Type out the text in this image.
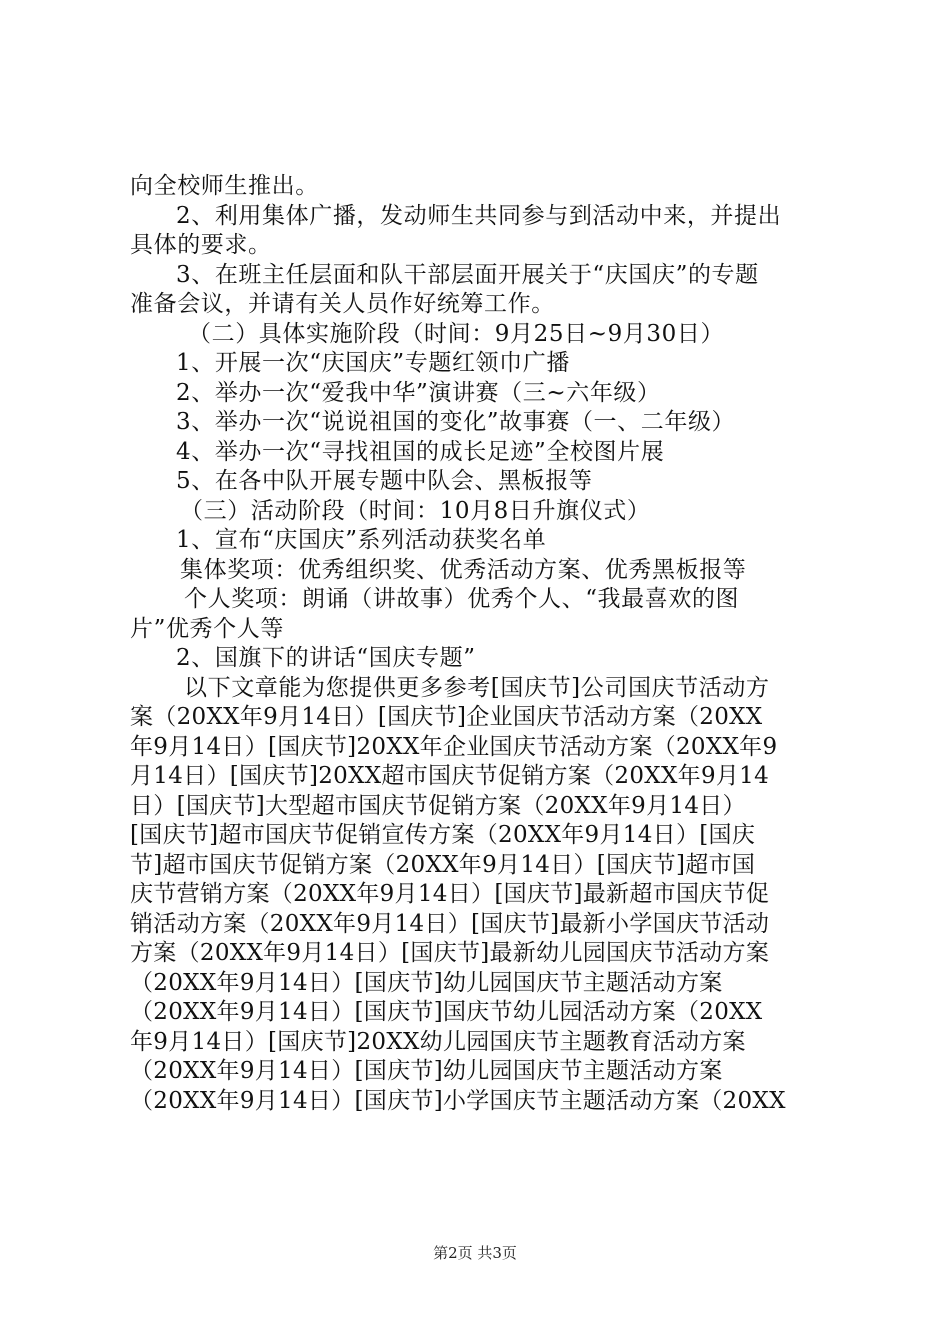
向全校师生推出。
2、利用集体广播，发动师生共同参与到活动中来，并提出
具体的要求。
3、在班主任层面和队干部层面开展关于“庆国庆”的专题
准备会议，并请有关人员作好统筹工作。
（二）具体实施阶段（时间：9月25日~9月30日）
1、开展一次“庆国庆”专题红领巾广播
2、举办一次“爱我中华”演讲赛（三~六年级）
3、举办一次“说说祖国的变化”故事赛（一、二年级）
4、举办一次“寻找祖国的成长足迹”全校图片展
5、在各中队开展专题中队会、黑板报等
（三）活动阶段（时间：10月8日升旗仪式）
1、宣布“庆国庆”系列活动获奖名单
集体奖项：优秀组织奖、优秀活动方案、优秀黑板报等
个人奖项：朗诵（讲故事）优秀个人、“我最喜欢的图
片”优秀个人等
2、国旗下的讲话“国庆专题”
以下文章能为您提供更多参考[国庆节]公司国庆节活动方
案（20XX年9月14日）[国庆节]企业国庆节活动方案（20XX
年9月14日）[国庆节]20XX年企业国庆节活动方案（20XX年9
月14日）[国庆节]20XX超市国庆节促销方案（20XX年9月14
日）[国庆节]大型超市国庆节促销方案（20XX年9月14日）
[国庆节]超市国庆节促销宣传方案（20XX年9月14日）[国庆
节]超市国庆节促销方案（20XX年9月14日）[国庆节]超市国
庆节营销方案（20XX年9月14日）[国庆节]最新超市国庆节促
销活动方案（20XX年9月14日）[国庆节]最新小学国庆节活动
方案（20XX年9月14日）[国庆节]最新幼儿园国庆节活动方案
（20XX年9月14日）[国庆节]幼儿园国庆节主题活动方案
（20XX年9月14日）[国庆节]国庆节幼儿园活动方案（20XX
年9月14日）[国庆节]20XX幼儿园国庆节主题教育活动方案
（20XX年9月14日）[国庆节]幼儿园国庆节主题活动方案
（20XX年9月14日）[国庆节]小学国庆节主题活动方案（20XX
第2页 共3页
